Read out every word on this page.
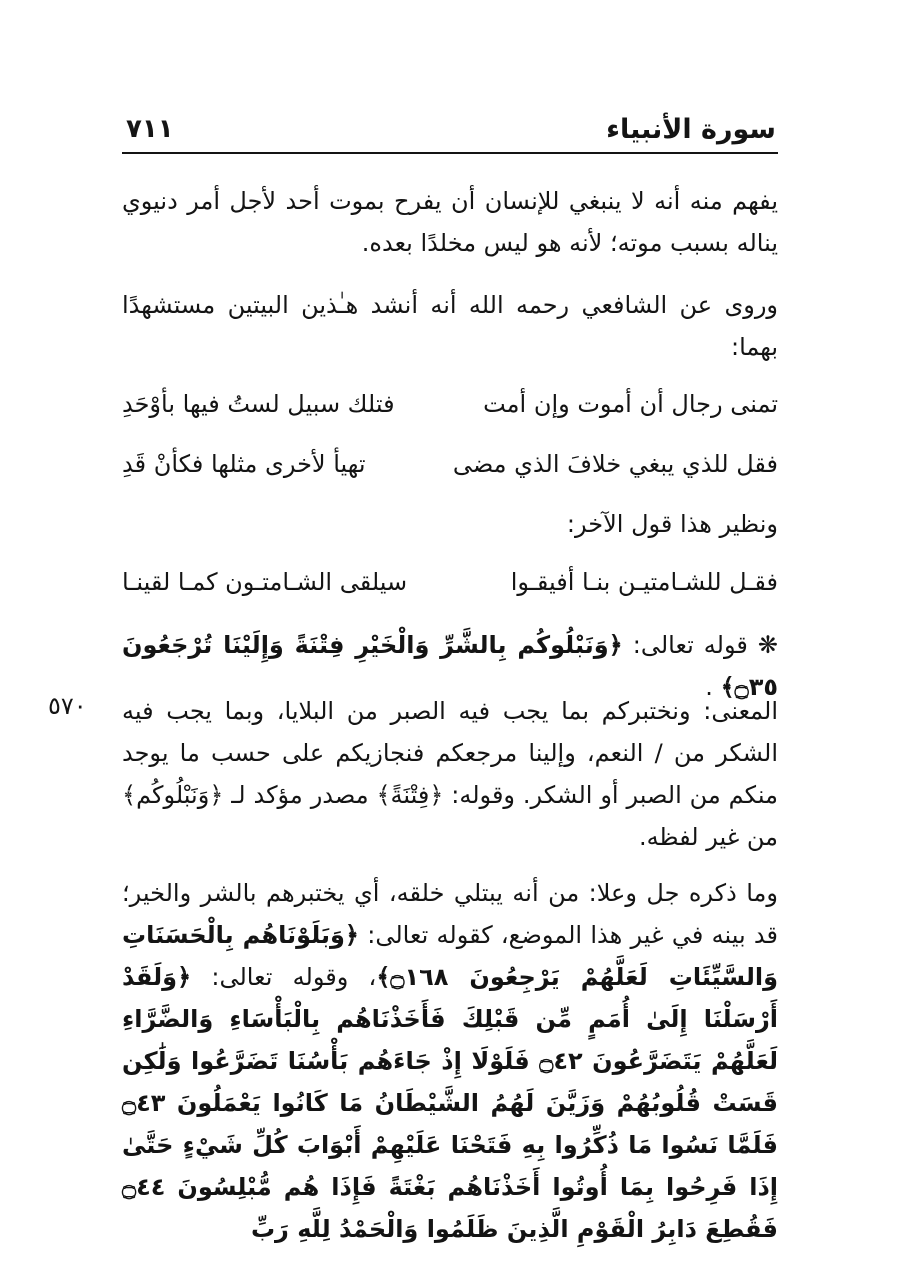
سورة الأنبياء
٧١١
يفهم منه أنه لا ينبغي للإنسان أن يفرح بموت أحد لأجل أمر دنيوي يناله بسبب موته؛ لأنه هو ليس مخلدًا بعده.
وروى عن الشافعي رحمه الله أنه أنشد هـٰذين البيتين مستشهدًا بهما:
تمنى رجال أن أموت وإن أمت
فتلك سبيل لستُ فيها بأوْحَدِ
فقل للذي يبغي خلافَ الذي مضى
تهيأ لأخرى مثلها فكأنْ قَدِ
ونظير هذا قول الآخر:
فقـل للشـامتيـن بنـا أفيقـوا
سيلقى الشـامتـون كمـا لقينـا
❋ قوله تعالى: ﴿وَنَبْلُوكُم بِالشَّرِّ وَالْخَيْرِ فِتْنَةً وَإِلَيْنَا تُرْجَعُونَ ۝٣٥﴾ .
٥٧٠ المعنى: ونختبركم بما يجب فيه الصبر من البلايا، وبما يجب فيه الشكر من / النعم، وإلينا مرجعكم فنجازيكم على حسب ما يوجد منكم من الصبر أو الشكر. وقوله: ﴿فِتْنَةً﴾ مصدر مؤكد لـ ﴿وَنَبْلُوكُم﴾ من غير لفظه.
وما ذكره جل وعلا: من أنه يبتلي خلقه، أي يختبرهم بالشر والخير؛ قد بينه في غير هذا الموضع، كقوله تعالى: ﴿وَبَلَوْنَاهُم بِالْحَسَنَاتِ وَالسَّيِّئَاتِ لَعَلَّهُمْ يَرْجِعُونَ ۝١٦٨﴾، وقوله تعالى: ﴿وَلَقَدْ أَرْسَلْنَا إِلَىٰ أُمَمٍ مِّن قَبْلِكَ فَأَخَذْنَاهُم بِالْبَأْسَاءِ وَالضَّرَّاءِ لَعَلَّهُمْ يَتَضَرَّعُونَ ۝٤٢ فَلَوْلَا إِذْ جَاءَهُم بَأْسُنَا تَضَرَّعُوا وَلَٰكِن قَسَتْ قُلُوبُهُمْ وَزَيَّنَ لَهُمُ الشَّيْطَانُ مَا كَانُوا يَعْمَلُونَ ۝٤٣ فَلَمَّا نَسُوا مَا ذُكِّرُوا بِهِ فَتَحْنَا عَلَيْهِمْ أَبْوَابَ كُلِّ شَيْءٍ حَتَّىٰ إِذَا فَرِحُوا بِمَا أُوتُوا أَخَذْنَاهُم بَغْتَةً فَإِذَا هُم مُّبْلِسُونَ ۝٤٤ فَقُطِعَ دَابِرُ الْقَوْمِ الَّذِينَ ظَلَمُوا وَالْحَمْدُ لِلَّهِ رَبِّ
